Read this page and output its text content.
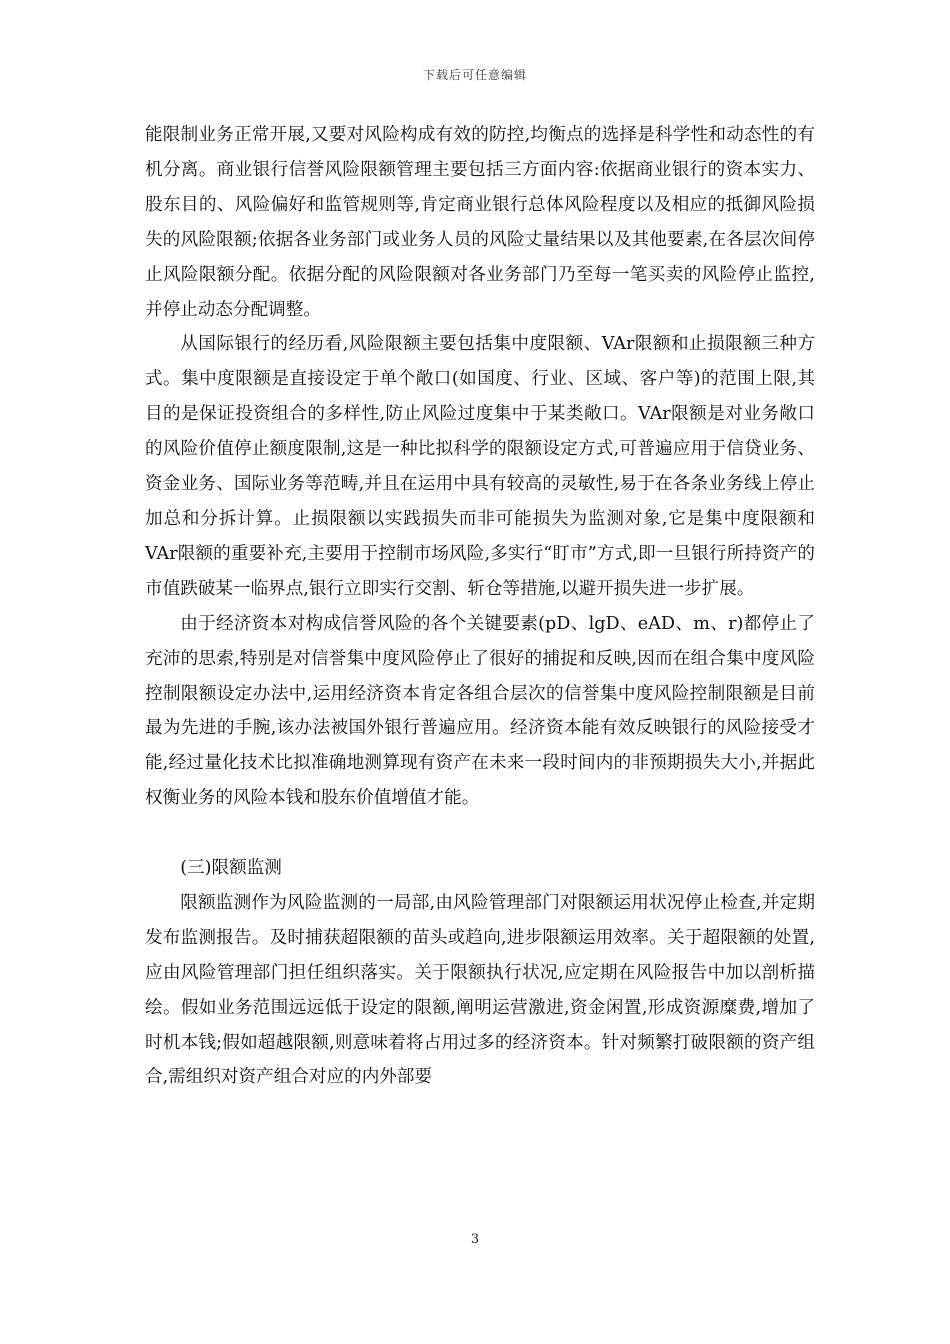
下载后可任意编辑

能限制业务正常开展,又要对风险构成有效的防控,均衡点的选择是科学性和动态性的有机分离。商业银行信誉风险限额管理主要包括三方面内容:依据商业银行的资本实力、股东目的、风险偏好和监管规则等,肯定商业银行总体风险程度以及相应的抵御风险损失的风险限额;依据各业务部门或业务人员的风险丈量结果以及其他要素,在各层次间停止风险限额分配。依据分配的风险限额对各业务部门乃至每一笔买卖的风险停止监控,并停止动态分配调整。

从国际银行的经历看,风险限额主要包括集中度限额、VAr限额和止损限额三种方式。集中度限额是直接设定于单个敞口(如国度、行业、区域、客户等)的范围上限,其目的是保证投资组合的多样性,防止风险过度集中于某类敞口。VAr限额是对业务敞口的风险价值停止额度限制,这是一种比拟科学的限额设定方式,可普遍应用于信贷业务、资金业务、国际业务等范畴,并且在运用中具有较高的灵敏性,易于在各条业务线上停止加总和分拆计算。止损限额以实践损失而非可能损失为监测对象,它是集中度限额和VAr限额的重要补充,主要用于控制市场风险,多实行“盯市”方式,即一旦银行所持资产的市值跌破某一临界点,银行立即实行交割、斩仓等措施,以避开损失进一步扩展。

由于经济资本对构成信誉风险的各个关键要素(pD、lgD、eAD、m、r)都停止了充沛的思索,特别是对信誉集中度风险停止了很好的捕捉和反映,因而在组合集中度风险控制限额设定办法中,运用经济资本肯定各组合层次的信誉集中度风险控制限额是目前最为先进的手腕,该办法被国外银行普遍应用。经济资本能有效反映银行的风险接受才能,经过量化技术比拟准确地测算现有资产在未来一段时间内的非预期损失大小,并据此权衡业务的风险本钱和股东价值增值才能。

(三)限额监测

限额监测作为风险监测的一局部,由风险管理部门对限额运用状况停止检查,并定期发布监测报告。及时捕获超限额的苗头或趋向,进步限额运用效率。关于超限额的处置,应由风险管理部门担任组织落实。关于限额执行状况,应定期在风险报告中加以剖析描绘。假如业务范围远远低于设定的限额,阐明运营激进,资金闲置,形成资源糜费,增加了时机本钱;假如超越限额,则意味着将占用过多的经济资本。针对频繁打破限额的资产组合,需组织对资产组合对应的内外部要

3
